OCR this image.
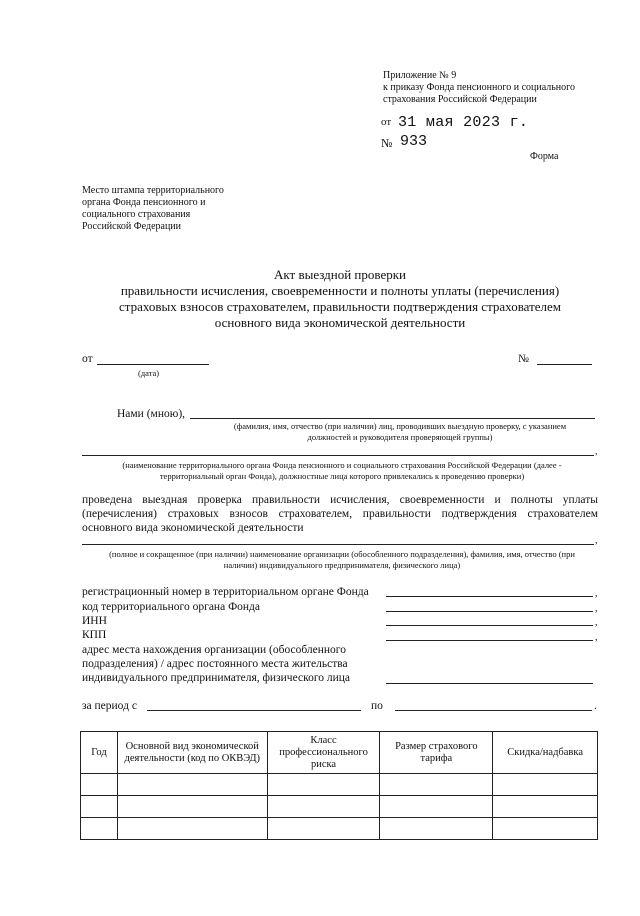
Приложение № 9
к приказу Фонда пенсионного и социального
страхования Российской Федерации
от 31 мая 2023 г.
№ 933
Форма
Место штампа территориального
органа Фонда пенсионного и
социального страхования
Российской Федерации
Акт выездной проверки
правильности исчисления, своевременности и полноты уплаты (перечисления)
страховых взносов страхователем, правильности подтверждения страхователем
основного вида экономической деятельности
от
(дата)
№
Нами (мною),
(фамилия, имя, отчество (при наличии) лиц, проводивших выездную проверку, с указанием
должностей и руководителя проверяющей группы)
,
(наименование территориального органа Фонда пенсионного и социального страхования Российской Федерации (далее -
территориальный орган Фонда), должностные лица которого привлекались к проведению проверки)
проведена выездная проверка правильности исчисления, своевременности и полноты уплаты
(перечисления) страховых взносов страхователем, правильности подтверждения страхователем
основного вида экономической деятельности
,
(полное и сокращенное (при наличии) наименование организации (обособленного подразделения), фамилия, имя, отчество (при
наличии) индивидуального предпринимателя, физического лица)
регистрационный номер в территориальном органе Фонда	,
код территориального органа Фонда	,
ИНН	,
КПП	,
адрес места нахождения организации (обособленного
подразделения) / адрес постоянного места жительства
индивидуального предпринимателя, физического лица
за период с	по	.
Год	Основной вид экономической деятельности (код по ОКВЭД)	Класс профессионального риска	Размер страхового тарифа	Скидка/надбавка
